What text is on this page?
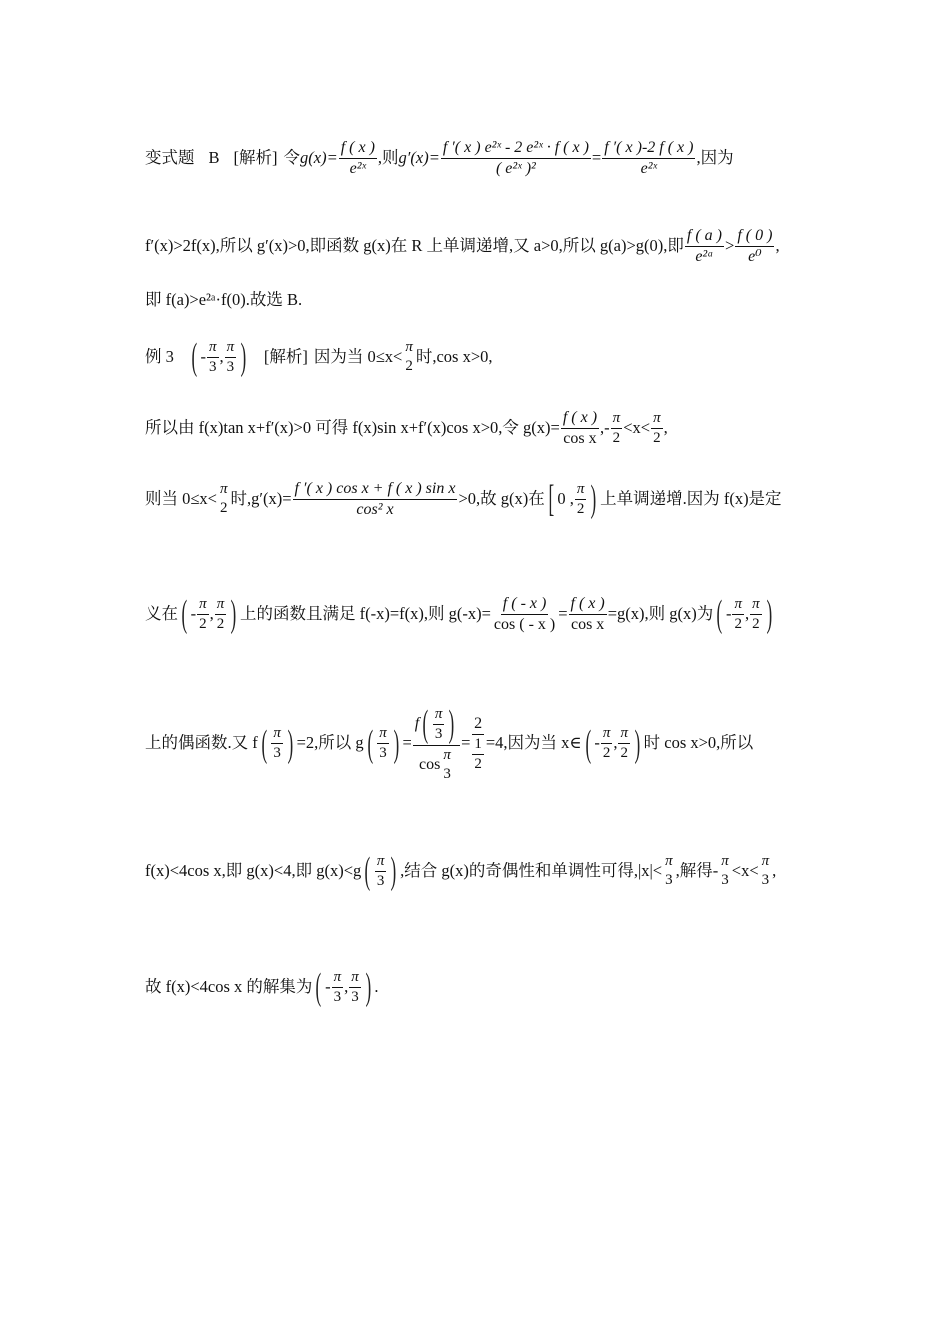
变式题 B [解析] 令 $g(x)= \frac{f ( x )}{\text{e²ˣ}}$ ,则 $g'(x)= \frac{\text{f ′( x ) e²ˣ - 2 e²ˣ · f ( x )}}{\text{( e²ˣ )²}} = \frac{f '( x )-2 f ( x )}{\text{e²ˣ}}$ ,因为
f′(x)>2f(x),所以 g′(x)>0,即函数 g(x)在 R 上单调递增,又 a>0,所以 g(a)>g(0),即 $\frac{f ( a )}{\text{e²ᵃ}} > \frac{f ( 0 )}{\text{e⁰}}$ ,
即 f(a)>e²ᵃ·f(0).故选 B.
例 3 ( - $\frac{\pi}{3}$ , $\frac{\pi}{3}$ ) [解析] 因为当 0≤x< π
2
时,cos x>0,
所以由 f(x)tan x+f′(x)>0 可得 f(x)sin x+f′(x)cos x>0,令 $g(x)= \frac{f ( x )}{\text{cos x}}$ ,- $\frac{\pi}{2} <x< \frac{\pi}{2}$ ,
则当 0≤x< π
2
时$,g'(x)= \frac{\text{f ′( x ) cos x + f ( x ) sin x}}{\text{cos² x}} >0$,故 g(x)在 [ 0 , $\frac{\pi}{2}$ ) 上单调递增.因为 f(x)是定
义在 ( - $\frac{\pi}{2}$ , $\frac{\pi}{2}$ ) 上的函数且满足 f(-x)=f(x),则 $g(-x)= \frac{f ( - x )}{\cos ( - x )} = \frac{f ( x )}{\text{cos x}} =g(x)$,则 g(x)为 ( - $\frac{\pi}{2}$ , $\frac{\pi}{2}$ )
上的偶函数.又 f ( $\frac{\pi}{3}$ ) =2,所以 g ( $\frac{\pi}{3}$ ) =
f ( $\frac{\pi}{3}$ )
cos
π
3
= $\frac{2}{\frac{1}{2}} =4$,因为当 x∈ ( - $\frac{\pi}{2}$ , $\frac{\pi}{2}$ ) 时 cos x>0,所以
f(x)<4cos x,即 g(x)<4,即 g(x)<g ( $\frac{\pi}{3}$ ) ,结合 g(x)的奇偶性和单调性可得,|x|< π
3
,解得- π
3
<x< π
3
,
故 f(x)<4cos x 的解集为 ( - $\frac{\pi}{3}$ , $\frac{\pi}{3}$ ) .
